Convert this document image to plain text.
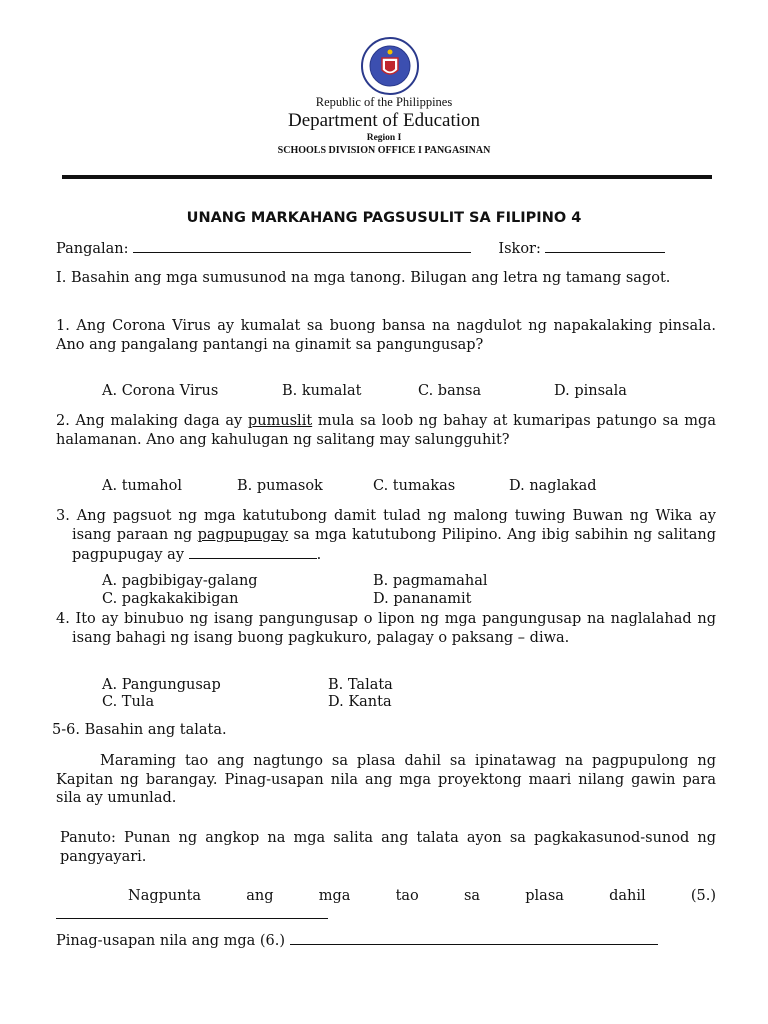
Republic of the Philippines
Department of Education
Region I
SCHOOLS DIVISION OFFICE I PANGASINAN
UNANG MARKAHANG PAGSUSULIT SA FILIPINO 4
Pangalan:	Iskor:
I. Basahin ang mga sumusunod na mga tanong. Bilugan ang letra ng tamang sagot.
1. Ang Corona Virus ay kumalat sa buong bansa na nagdulot ng napakalaking pinsala. Ano ang pangalang pantangi na ginamit sa pangungusap?
A. Corona Virus	B. kumalat	C. bansa	D. pinsala
2. Ang malaking daga ay pumuslit mula sa loob ng bahay at kumaripas patungo sa mga halamanan. Ano ang kahulugan ng salitang may salungguhit?
A. tumahol	B. pumasok	C. tumakas	D. naglakad
3. Ang pagsuot ng mga katutubong damit tulad ng malong tuwing Buwan ng Wika ay isang paraan ng pagpupugay sa mga katutubong Pilipino. Ang ibig sabihin ng salitang pagpupugay ay	.
A. pagbibigay-galang	B. pagmamahal
C. pagkakakibigan	D. pananamit
4. Ito ay binubuo ng isang pangungusap o lipon ng mga pangungusap na naglalahad ng isang bahagi ng isang buong pagkukuro, palagay o paksang – diwa.
A. Pangungusap	B. Talata
C. Tula	D. Kanta
5-6. Basahin ang talata.
Maraming tao ang nagtungo sa plasa dahil sa ipinatawag na pagpupulong ng Kapitan ng barangay. Pinag-usapan nila ang mga proyektong maari nilang gawin para sila ay umunlad.
Panuto: Punan ng angkop na mga salita ang talata ayon sa pagkakasunod-sunod ng pangyayari.
Nagpunta ang mga tao sa plasa dahil (5.)
Pinag-usapan nila ang mga (6.)
